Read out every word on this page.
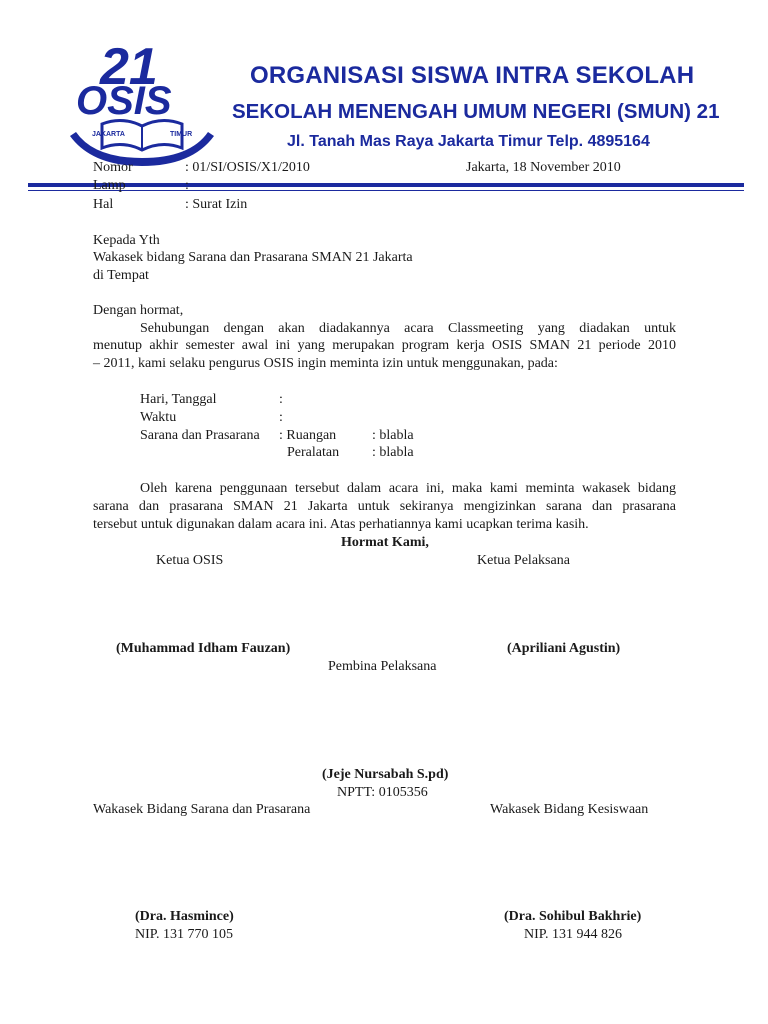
21
OSIS
JAKARTA	TIMUR
ORGANISASI SISWA INTRA SEKOLAH
SEKOLAH MENENGAH UMUM NEGERI (SMUN) 21
Jl. Tanah Mas Raya Jakarta Timur Telp. 4895164
Nomor	: 01/SI/OSIS/X1/2010	Jakarta, 18 November 2010
Lamp	:
Hal	: Surat Izin
Kepada Yth
Wakasek bidang Sarana dan Prasarana SMAN 21 Jakarta
di Tempat
Dengan hormat,
Sehubungan dengan akan diadakannya acara Classmeeting yang diadakan untuk
menutup akhir semester awal ini yang merupakan program kerja OSIS SMAN 21 periode 2010
– 2011, kami selaku pengurus OSIS ingin meminta izin untuk menggunakan, pada:
Hari, Tanggal	:
Waktu	:
Sarana dan Prasarana : Ruangan	: blabla
Peralatan : blabla
Oleh karena penggunaan tersebut dalam acara ini, maka kami meminta wakasek bidang
sarana dan prasarana SMAN 21 Jakarta untuk sekiranya mengizinkan sarana dan prasarana
tersebut untuk digunakan dalam acara ini. Atas perhatiannya kami ucapkan terima kasih.
Hormat Kami,
Ketua OSIS	Ketua Pelaksana
(Muhammad Idham Fauzan)	(Apriliani Agustin)
Pembina Pelaksana
(Jeje Nursabah S.pd)
NPTT: 0105356
Wakasek Bidang Sarana dan Prasarana	Wakasek Bidang Kesiswaan
(Dra. Hasmince)	(Dra. Sohibul Bakhrie)
NIP. 131 770 105	NIP. 131 944 826
